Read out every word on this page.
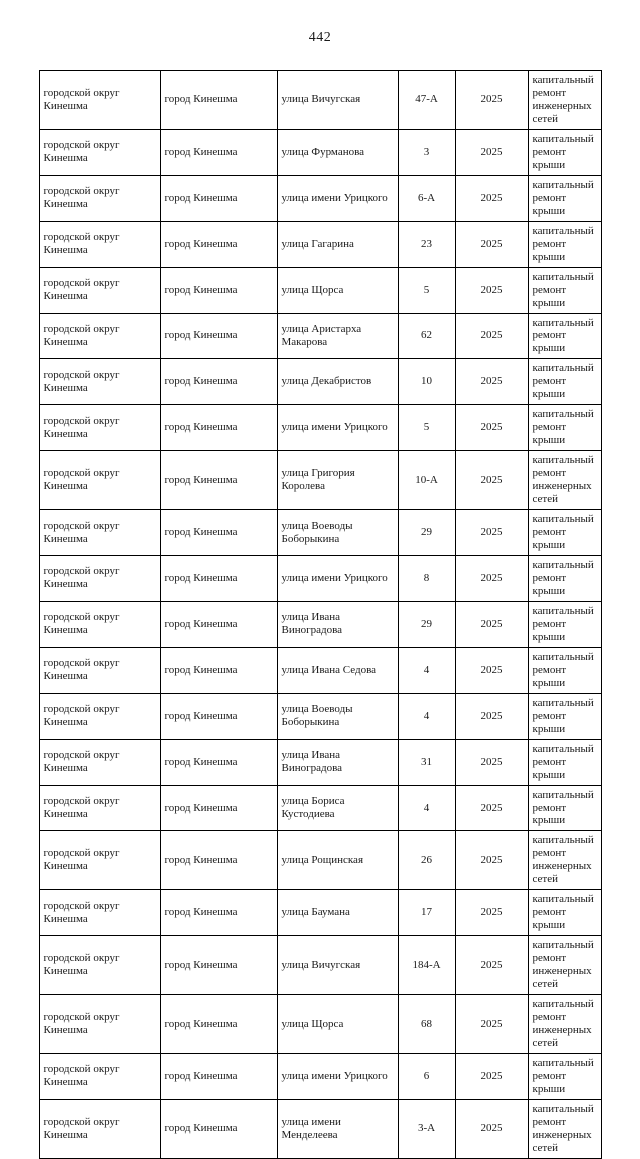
442
городской округ Кинешма	город Кинешма	улица Вичугская	47-А	2025	капитальный ремонт инженерных сетей
городской округ Кинешма	город Кинешма	улица Фурманова	3	2025	капитальный ремонт крыши
городской округ Кинешма	город Кинешма	улица имени Урицкого	6-А	2025	капитальный ремонт крыши
городской округ Кинешма	город Кинешма	улица Гагарина	23	2025	капитальный ремонт крыши
городской округ Кинешма	город Кинешма	улица Щорса	5	2025	капитальный ремонт крыши
городской округ Кинешма	город Кинешма	улица Аристарха Макарова	62	2025	капитальный ремонт крыши
городской округ Кинешма	город Кинешма	улица Декабристов	10	2025	капитальный ремонт крыши
городской округ Кинешма	город Кинешма	улица имени Урицкого	5	2025	капитальный ремонт крыши
городской округ Кинешма	город Кинешма	улица Григория Королева	10-А	2025	капитальный ремонт инженерных сетей
городской округ Кинешма	город Кинешма	улица Воеводы Боборыкина	29	2025	капитальный ремонт крыши
городской округ Кинешма	город Кинешма	улица имени Урицкого	8	2025	капитальный ремонт крыши
городской округ Кинешма	город Кинешма	улица Ивана Виноградова	29	2025	капитальный ремонт крыши
городской округ Кинешма	город Кинешма	улица Ивана Седова	4	2025	капитальный ремонт крыши
городской округ Кинешма	город Кинешма	улица Воеводы Боборыкина	4	2025	капитальный ремонт крыши
городской округ Кинешма	город Кинешма	улица Ивана Виноградова	31	2025	капитальный ремонт крыши
городской округ Кинешма	город Кинешма	улица Бориса Кустодиева	4	2025	капитальный ремонт крыши
городской округ Кинешма	город Кинешма	улица Рощинская	26	2025	капитальный ремонт инженерных сетей
городской округ Кинешма	город Кинешма	улица Баумана	17	2025	капитальный ремонт крыши
городской округ Кинешма	город Кинешма	улица Вичугская	184-А	2025	капитальный ремонт инженерных сетей
городской округ Кинешма	город Кинешма	улица Щорса	68	2025	капитальный ремонт инженерных сетей
городской округ Кинешма	город Кинешма	улица имени Урицкого	6	2025	капитальный ремонт крыши
городской округ Кинешма	город Кинешма	улица имени Менделеева	3-А	2025	капитальный ремонт инженерных сетей
